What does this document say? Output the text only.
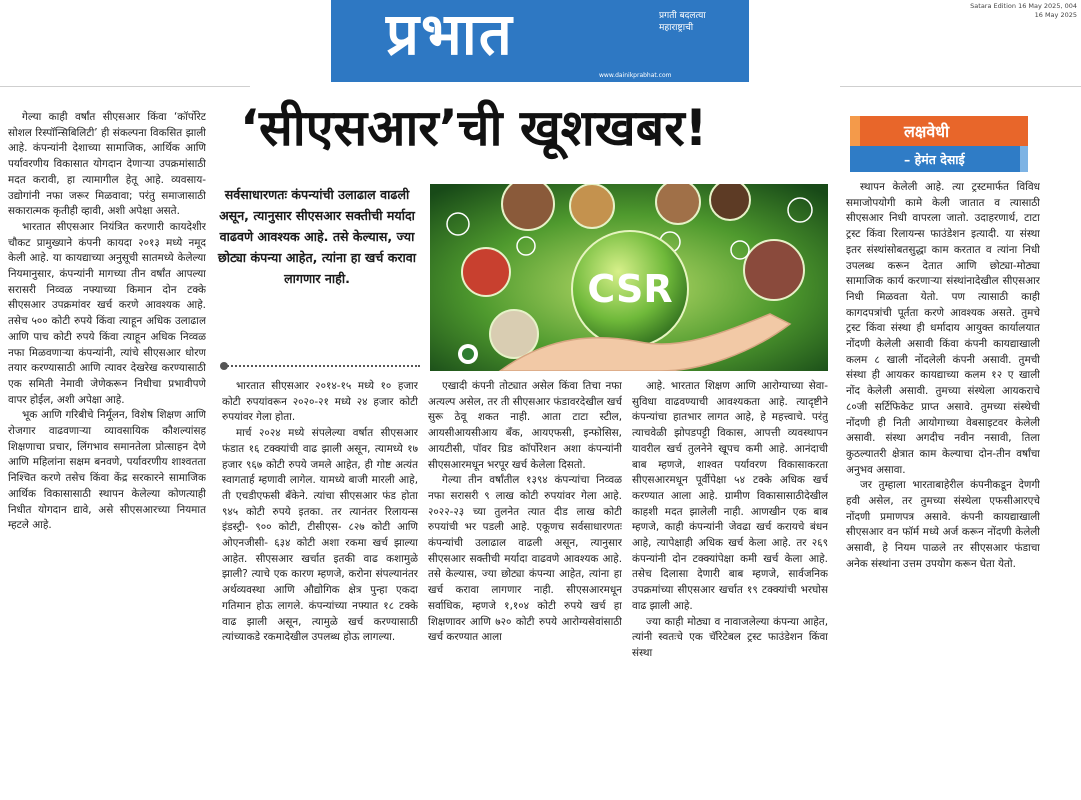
प्रभात	प्रगती बदलत्या महाराष्ट्राची
www.dainikprabhat.com
Satara Edition 16 May 2025, 004
16 May 2025
‘सीएसआर’ची खूशखबर!	लक्षवेधी
– हेमंत देसाई

गेल्या काही वर्षांत सीएसआर किंवा ‘कॉर्पोरेट सोशल रिस्पॉन्सिबिलिटी’ ही संकल्पना विकसित झाली आहे. कंपन्यांनी देशाच्या सामाजिक, आर्थिक आणि पर्यावरणीय विकासात योगदान देणाऱ्या उपक्रमांसाठी मदत करावी, हा त्यामागील हेतू आहे. व्यवसाय-उद्योगांनी नफा जरूर मिळवावा; परंतु समाजासाठी सकारात्मक कृतीही व्हावी, अशी अपेक्षा असते.

भारतात सीएसआर नियंत्रित करणारी कायदेशीर चौकट प्रामुख्याने कंपनी कायदा २०१३ मध्ये नमूद केली आहे. या कायद्याच्या अनुसूची सातमध्ये केलेल्या नियमानुसार, कंपन्यांनी मागच्या तीन वर्षांत आपल्या सरासरी निव्वळ नफ्याच्या किमान दोन टक्के सीएसआर उपक्रमांवर खर्च करणे आवश्यक आहे. तसेच ५०० कोटी रुपये किंवा त्याहून अधिक उलाढाल आणि पाच कोटी रुपये किंवा त्याहून अधिक निव्वळ नफा मिळवणाऱ्या कंपन्यांनी, त्यांचे सीएसआर धोरण तयार करण्यासाठी आणि त्यावर देखरेख करण्यासाठी एक समिती नेमावी जेणेकरून निधीचा प्रभावीपणे वापर होईल, अशी अपेक्षा आहे.

भूक आणि गरिबीचे निर्मूलन, विशेष शिक्षण आणि रोजगार वाढवणाऱ्या व्यावसायिक कौशल्यांसह शिक्षणाचा प्रचार, लिंगभाव समानतेला प्रोत्साहन देणे आणि महिलांना सक्षम बनवणे, पर्यावरणीय शाश्वतता निश्चित करणे तसेच किंवा केंद्र सरकारने सामाजिक आर्थिक विकासासाठी स्थापन केलेल्या कोणत्याही निधीत योगदान द्यावे, असे सीएसआरच्या नियमात म्हटले आहे.

सर्वसाधारणतः कंपन्यांची उलाढाल वाढली असून, त्यानुसार सीएसआर सक्तीची मर्यादा वाढवणे आवश्यक आहे. तसे केल्यास, ज्या छोट्या कंपन्या आहेत, त्यांना हा खर्च करावा लागणार नाही.	CSR

भारतात सीएसआर २०१४-१५ मध्ये १० हजार कोटी रुपयांवरून २०२०-२१ मध्ये २४ हजार कोटी रुपयांवर गेला होता.

मार्च २०२४ मध्ये संपलेल्या वर्षात सीएसआर फंडात १६ टक्क्यांची वाढ झाली असून, त्यामध्ये १७ हजार ९६७ कोटी रुपये जमले आहेत, ही गोष्ट अत्यंत स्वागतार्ह म्हणावी लागेल. यामध्ये बाजी मारली आहे, ती एचडीएफसी बँकेने. त्यांचा सीएसआर फंड होता ९४५ कोटी रुपये इतका. तर त्यानंतर रिलायन्स इंडस्ट्री- ९०० कोटी, टीसीएस- ८२७ कोटी आणि ओएनजीसी- ६३४ कोटी अशा रकमा खर्च झाल्या आहेत. सीएसआर खर्चात इतकी वाढ कशामुळे झाली? त्याचे एक कारण म्हणजे, करोना संपल्यानंतर अर्थव्यवस्था आणि औद्योगिक क्षेत्र पुन्हा एकदा गतिमान होऊ लागले. कंपन्यांच्या नफ्यात १८ टक्के वाढ झाली असून, त्यामुळे खर्च करण्यासाठी त्यांच्याकडे रकमादेखील उपलब्ध होऊ लागल्या.

एखादी कंपनी तोट्यात असेल किंवा तिचा नफा अत्यल्प असेल, तर ती सीएसआर फंडावरदेखील खर्च सुरू ठेवू शकत नाही. आता टाटा स्टील, आयसीआयसीआय बँक, आयएफसी, इन्फोसिस, आयटीसी, पॉवर ग्रिड कॉर्पोरेशन अशा कंपन्यांनी सीएसआरमधून भरपूर खर्च केलेला दिसतो.

गेल्या तीन वर्षांतील १३९४ कंपन्यांचा निव्वळ नफा सरासरी ९ लाख कोटी रुपयांवर गेला आहे. २०२२-२३ च्या तुलनेत त्यात दीड लाख कोटी रुपयांची भर पडली आहे. एकूणच सर्वसाधारणतः कंपन्यांची उलाढाल वाढली असून, त्यानुसार सीएसआर सक्तीची मर्यादा वाढवणे आवश्यक आहे. तसे केल्यास, ज्या छोट्या कंपन्या आहेत, त्यांना हा खर्च करावा लागणार नाही. सीएसआरमधून सर्वाधिक, म्हणजे १,१०४ कोटी रुपये खर्च हा शिक्षणावर आणि ७२० कोटी रुपये आरोग्यसेवांसाठी खर्च करण्यात आला

आहे. भारतात शिक्षण आणि आरोग्याच्या सेवा-सुविधा वाढवण्याची आवश्यकता आहे. त्यादृष्टीने कंपन्यांचा हातभार लागत आहे, हे महत्त्वाचे. परंतु त्याचवेळी झोपडपट्टी विकास, आपत्ती व्यवस्थापन यावरील खर्च तुलनेने खूपच कमी आहे. आनंदाची बाब म्हणजे, शाश्वत पर्यावरण विकासाकरता सीएसआरमधून पूर्वीपेक्षा ५४ टक्के अधिक खर्च करण्यात आला आहे. ग्रामीण विकासासाठीदेखील काहशी मदत झालेली नाही. आणखीन एक बाब म्हणजे, काही कंपन्यांनी जेवढा खर्च करायचे बंधन आहे, त्यापेक्षाही अधिक खर्च केला आहे. तर २६९ कंपन्यांनी दोन टक्क्यांपेक्षा कमी खर्च केला आहे. तसेच दिलासा देणारी बाब म्हणजे, सार्वजनिक उपक्रमांच्या सीएसआर खर्चात १९ टक्क्यांची भरघोस वाढ झाली आहे.

ज्या काही मोठ्या व नावाजलेल्या कंपन्या आहेत, त्यांनी स्वतःचे एक चॅरिटेबल ट्रस्ट फाउंडेशन किंवा संस्था

स्थापन केलेली आहे. त्या ट्रस्टमार्फत विविध समाजोपयोगी कामे केली जातात व त्यासाठी सीएसआर निधी वापरला जातो. उदाहरणार्थ, टाटा ट्रस्ट किंवा रिलायन्स फाउंडेशन इत्यादी. या संस्था इतर संस्थांसोबतसुद्धा काम करतात व त्यांना निधी उपलब्ध करून देतात आणि छोट्या-मोठ्या सामाजिक कार्य करणाऱ्या संस्थांनादेखील सीएसआर निधी मिळवता येतो. पण त्यासाठी काही कागदपत्रांची पूर्तता करणे आवश्यक असते. तुमचे ट्रस्ट किंवा संस्था ही धर्मादाय आयुक्त कार्यालयात नोंदणी केलेली असावी किंवा कंपनी कायद्याखाली कलम ८ खाली नोंदलेली कंपनी असावी. तुमची संस्था ही आयकर कायद्याच्या कलम १२ ए खाली नोंद केलेली असावी. तुमच्या संस्थेला आयकराचे ८०जी सर्टिफिकेट प्राप्त असावे. तुमच्या संस्थेची नोंदणी ही निती आयोगाच्या वेबसाइटवर केलेली असावी. संस्था अगदीच नवीन नसावी, तिला कुठल्यातरी क्षेत्रात काम केल्याचा दोन-तीन वर्षांचा अनुभव असावा.

जर तुम्हाला भारताबाहेरील कंपनीकडून देणगी हवी असेल, तर तुमच्या संस्थेला एफसीआरएचे नोंदणी प्रमाणपत्र असावे. कंपनी कायद्याखाली सीएसआर वन फॉर्म मध्ये अर्ज करून नोंदणी केलेली असावी, हे नियम पाळले तर सीएसआर फंडाचा अनेक संस्थांना उत्तम उपयोग करून घेता येतो.
